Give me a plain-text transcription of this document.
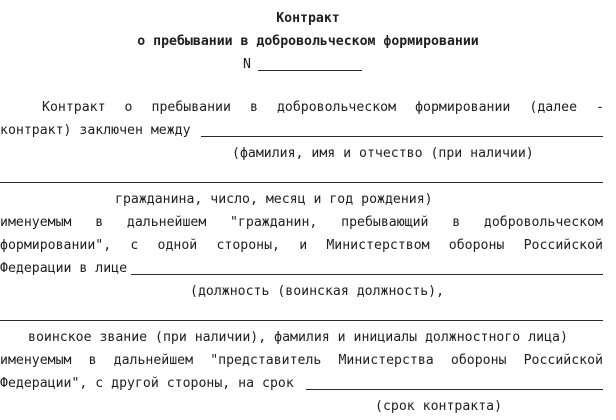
Контракт
о пребывании в добровольческом формировании
N
Контракт о пребывании в добровольческом формировании (далее -
контракт) заключен между
(фамилия, имя и отчество (при наличии)
гражданина, число, месяц и год рождения)
именуемым в дальнейшем "гражданин, пребывающий в добровольческом
формировании", с одной стороны, и Министерством обороны Российской
Федерации в лице
(должность (воинская должность),
воинское звание (при наличии), фамилия и инициалы должностного лица)
именуемым в дальнейшем "представитель Министерства обороны Российской
Федерации", с другой стороны, на срок
(срок контракта)
